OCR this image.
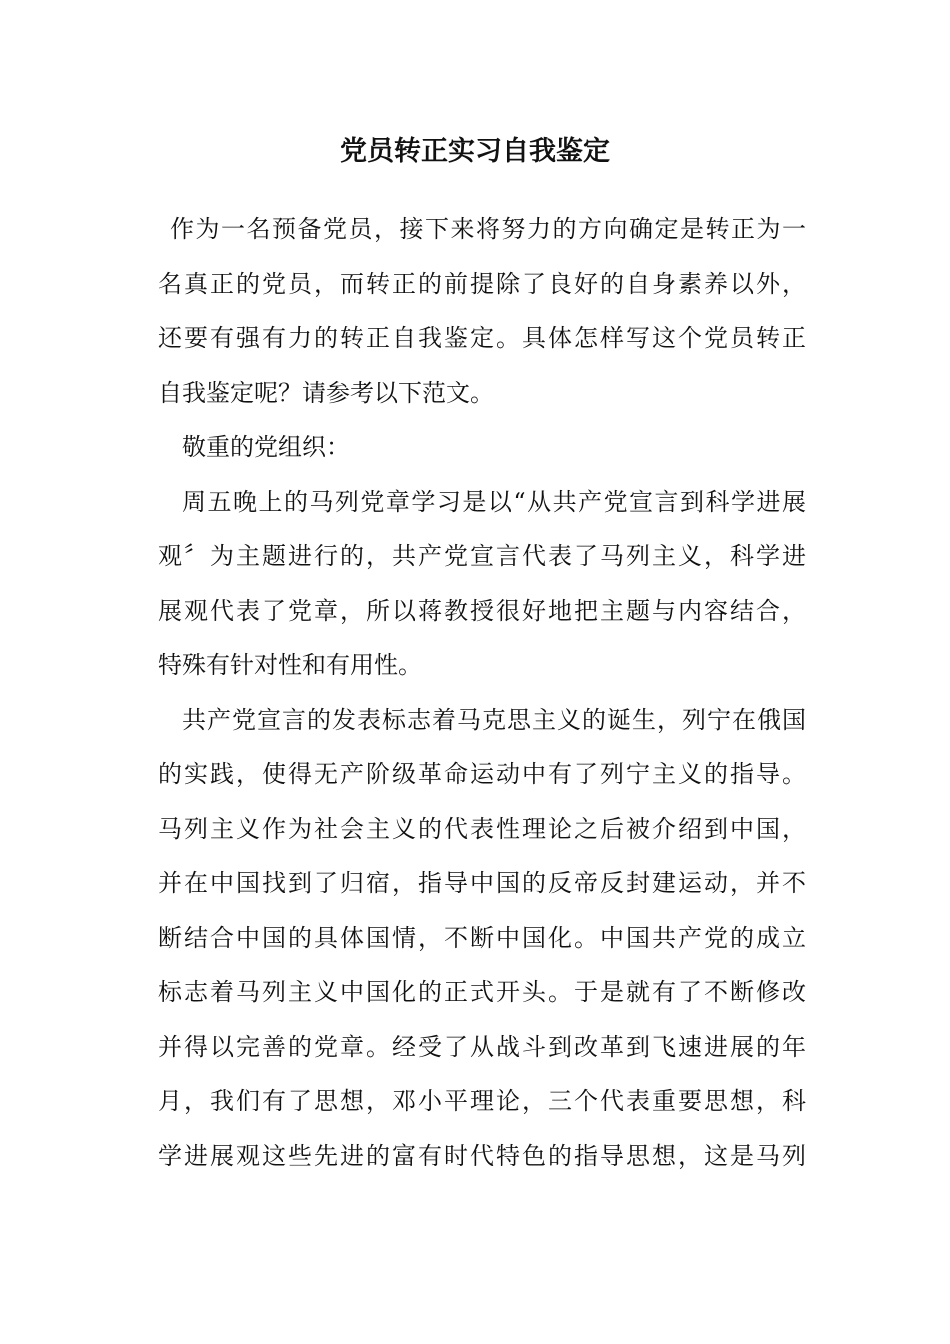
党员转正实习自我鉴定

作为一名预备党员，接下来将努力的方向确定是转正为一
名真正的党员，而转正的前提除了良好的自身素养以外，
还要有强有力的转正自我鉴定。具体怎样写这个党员转正
自我鉴定呢？请参考以下范文。

敬重的党组织：

周五晚上的马列党章学习是以“从共产党宣言到科学进展
观〞为主题进行的，共产党宣言代表了马列主义，科学进
展观代表了党章，所以蒋教授很好地把主题与内容结合，
特殊有针对性和有用性。

共产党宣言的发表标志着马克思主义的诞生，列宁在俄国
的实践，使得无产阶级革命运动中有了列宁主义的指导。
马列主义作为社会主义的代表性理论之后被介绍到中国，
并在中国找到了归宿，指导中国的反帝反封建运动，并不
断结合中国的具体国情，不断中国化。中国共产党的成立
标志着马列主义中国化的正式开头。于是就有了不断修改
并得以完善的党章。经受了从战斗到改革到飞速进展的年
月，我们有了思想，邓小平理论，三个代表重要思想，科
学进展观这些先进的富有时代特色的指导思想，这是马列
